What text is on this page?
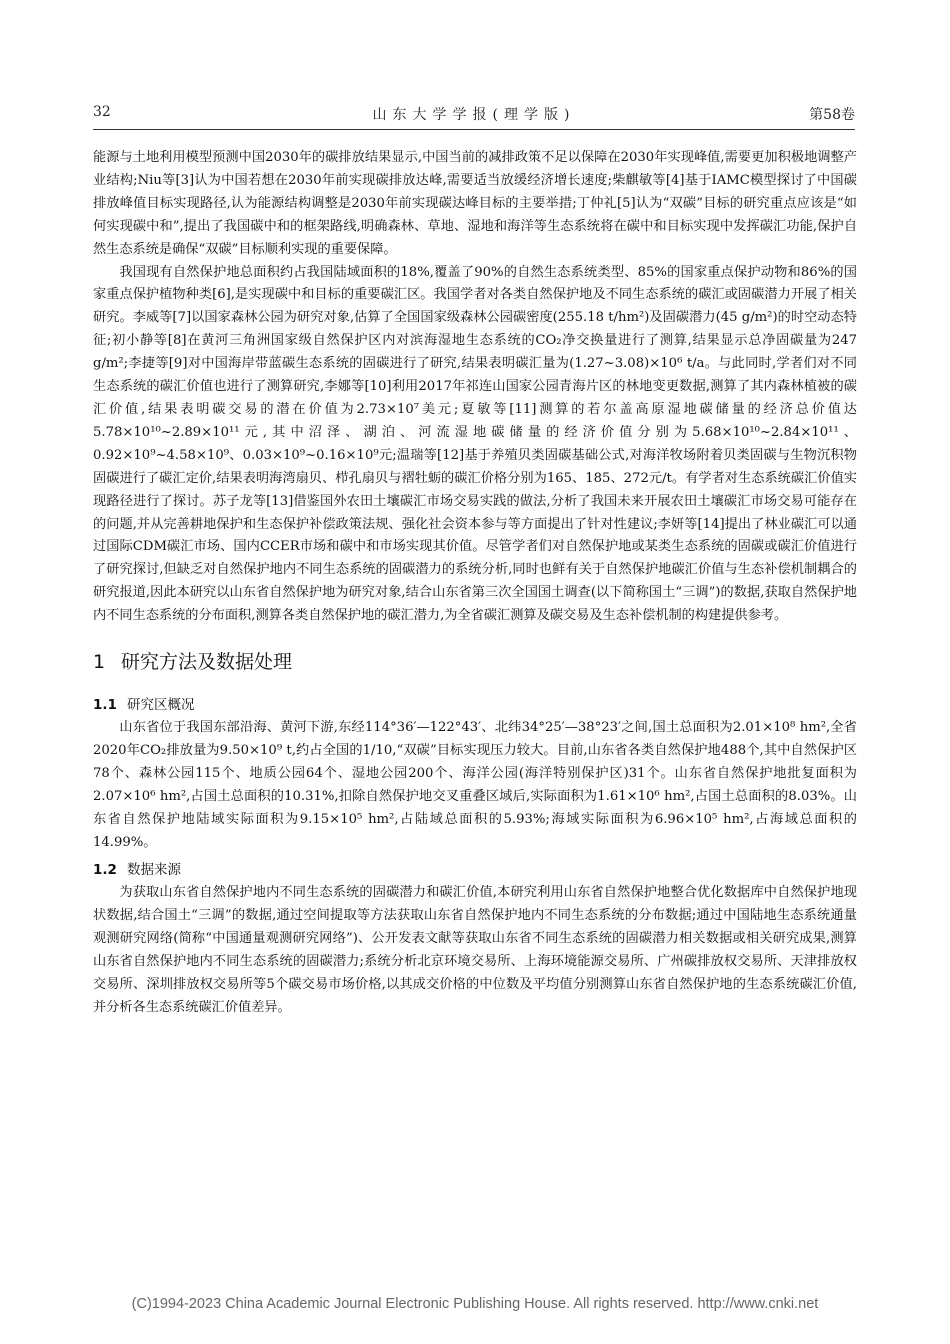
32	山东大学学报(理学版)	第58卷

能源与土地利用模型预测中国2030年的碳排放结果显示,中国当前的减排政策不足以保障在2030年实现峰值,需要更加积极地调整产业结构;Niu等[3]认为中国若想在2030年前实现碳排放达峰,需要适当放缓经济增长速度;柴麒敏等[4]基于IAMC模型探讨了中国碳排放峰值目标实现路径,认为能源结构调整是2030年前实现碳达峰目标的主要举措;丁仲礼[5]认为“双碳”目标的研究重点应该是“如何实现碳中和”,提出了我国碳中和的框架路线,明确森林、草地、湿地和海洋等生态系统将在碳中和目标实现中发挥碳汇功能,保护自然生态系统是确保“双碳”目标顺利实现的重要保障。

我国现有自然保护地总面积约占我国陆域面积的18%,覆盖了90%的自然生态系统类型、85%的国家重点保护动物和86%的国家重点保护植物种类[6],是实现碳中和目标的重要碳汇区。我国学者对各类自然保护地及不同生态系统的碳汇或固碳潜力开展了相关研究。李威等[7]以国家森林公园为研究对象,估算了全国国家级森林公园碳密度(255.18 t/hm²)及固碳潜力(45 g/m²)的时空动态特征;初小静等[8]在黄河三角洲国家级自然保护区内对滨海湿地生态系统的CO₂净交换量进行了测算,结果显示总净固碳量为247 g/m²;李捷等[9]对中国海岸带蓝碳生态系统的固碳进行了研究,结果表明碳汇量为(1.27~3.08)×10⁶ t/a。与此同时,学者们对不同生态系统的碳汇价值也进行了测算研究,李娜等[10]利用2017年祁连山国家公园青海片区的林地变更数据,测算了其内森林植被的碳汇价值,结果表明碳交易的潜在价值为2.73×10⁷美元;夏敏等[11]测算的若尔盖高原湿地碳储量的经济总价值达5.78×10¹⁰~2.89×10¹¹元,其中沼泽、湖泊、河流湿地碳储量的经济价值分别为5.68×10¹⁰~2.84×10¹¹、0.92×10⁹~4.58×10⁹、0.03×10⁹~0.16×10⁹元;温瑞等[12]基于养殖贝类固碳基础公式,对海洋牧场附着贝类固碳与生物沉积物固碳进行了碳汇定价,结果表明海湾扇贝、栉孔扇贝与褶牡蛎的碳汇价格分别为165、185、272元/t。有学者对生态系统碳汇价值实现路径进行了探讨。苏子龙等[13]借鉴国外农田土壤碳汇市场交易实践的做法,分析了我国未来开展农田土壤碳汇市场交易可能存在的问题,并从完善耕地保护和生态保护补偿政策法规、强化社会资本参与等方面提出了针对性建议;李妍等[14]提出了林业碳汇可以通过国际CDM碳汇市场、国内CCER市场和碳中和市场实现其价值。尽管学者们对自然保护地或某类生态系统的固碳或碳汇价值进行了研究探讨,但缺乏对自然保护地内不同生态系统的固碳潜力的系统分析,同时也鲜有关于自然保护地碳汇价值与生态补偿机制耦合的研究报道,因此本研究以山东省自然保护地为研究对象,结合山东省第三次全国国土调查(以下简称国土“三调”)的数据,获取自然保护地内不同生态系统的分布面积,测算各类自然保护地的碳汇潜力,为全省碳汇测算及碳交易及生态补偿机制的构建提供参考。

1 研究方法及数据处理
1.1 研究区概况

山东省位于我国东部沿海、黄河下游,东经114°36′—122°43′、北纬34°25′—38°23′之间,国土总面积为2.01×10⁸ hm²,全省2020年CO₂排放量为9.50×10⁹ t,约占全国的1/10,“双碳”目标实现压力较大。目前,山东省各类自然保护地488个,其中自然保护区78个、森林公园115个、地质公园64个、湿地公园200个、海洋公园(海洋特别保护区)31个。山东省自然保护地批复面积为2.07×10⁶ hm²,占国土总面积的10.31%,扣除自然保护地交叉重叠区域后,实际面积为1.61×10⁶ hm²,占国土总面积的8.03%。山东省自然保护地陆域实际面积为9.15×10⁵ hm²,占陆域总面积的5.93%;海域实际面积为6.96×10⁵ hm²,占海域总面积的14.99%。

1.2 数据来源

为获取山东省自然保护地内不同生态系统的固碳潜力和碳汇价值,本研究利用山东省自然保护地整合优化数据库中自然保护地现状数据,结合国土“三调”的数据,通过空间提取等方法获取山东省自然保护地内不同生态系统的分布数据;通过中国陆地生态系统通量观测研究网络(简称“中国通量观测研究网络”)、公开发表文献等获取山东省不同生态系统的固碳潜力相关数据或相关研究成果,测算山东省自然保护地内不同生态系统的固碳潜力;系统分析北京环境交易所、上海环境能源交易所、广州碳排放权交易所、天津排放权交易所、深圳排放权交易所等5个碳交易市场价格,以其成交价格的中位数及平均值分别测算山东省自然保护地的生态系统碳汇价值,并分析各生态系统碳汇价值差异。

(C)1994-2023 China Academic Journal Electronic Publishing House. All rights reserved. http://www.cnki.net
